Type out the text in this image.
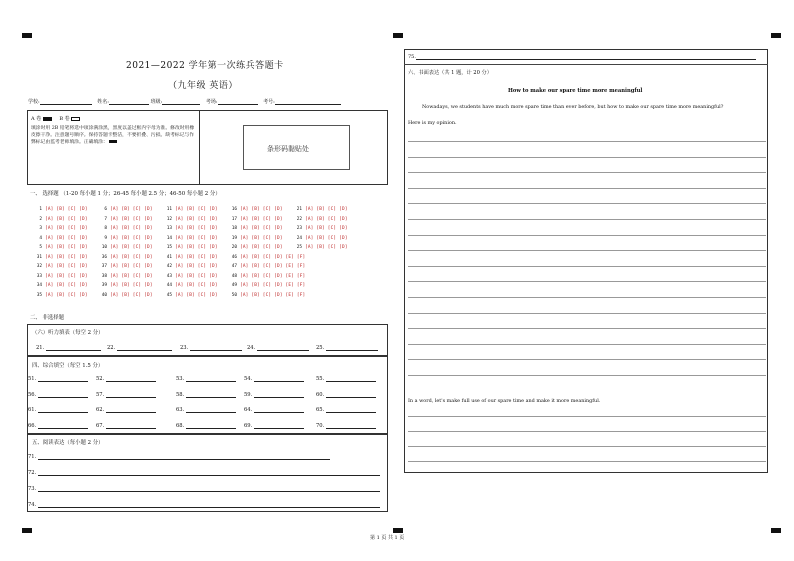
2021—2022 学年第一次练兵答题卡
（九年级 英语）
学校:	姓名:	班级:	考场:	考号:
A 卷	B 卷
填涂时用 2B 铅笔将选中项涂满涂黑，黑度以盖过框内字母为准。修改时用橡皮擦干净。注意题号顺序。保持答题卡整洁，不要折叠、污损。缺考标记与作弊标记由监考老师填涂。正确填涂：
条形码黏贴处
一、 选择题 （1-20 每小题 1 分；26-45 每小题 2.5 分；46-50 每小题 2 分）
1 [A] [B] [C] [D]	6 [A] [B] [C] [D]	11 [A] [B] [C] [D]	16 [A] [B] [C] [D]	21 [A] [B] [C] [D]
2 [A] [B] [C] [D]	7 [A] [B] [C] [D]	12 [A] [B] [C] [D]	17 [A] [B] [C] [D]	22 [A] [B] [C] [D]
3 [A] [B] [C] [D]	8 [A] [B] [C] [D]	13 [A] [B] [C] [D]	18 [A] [B] [C] [D]	23 [A] [B] [C] [D]
4 [A] [B] [C] [D]	9 [A] [B] [C] [D]	14 [A] [B] [C] [D]	19 [A] [B] [C] [D]	24 [A] [B] [C] [D]
5 [A] [B] [C] [D]	10 [A] [B] [C] [D]	15 [A] [B] [C] [D]	20 [A] [B] [C] [D]	25 [A] [B] [C] [D]
31 [A] [B] [C] [D]	36 [A] [B] [C] [D]	41 [A] [B] [C] [D]	46 [A] [B] [C] [D] [E] [F]
32 [A] [B] [C] [D]	37 [A] [B] [C] [D]	42 [A] [B] [C] [D]	47 [A] [B] [C] [D] [E] [F]
33 [A] [B] [C] [D]	38 [A] [B] [C] [D]	43 [A] [B] [C] [D]	48 [A] [B] [C] [D] [E] [F]
34 [A] [B] [C] [D]	39 [A] [B] [C] [D]	44 [A] [B] [C] [D]	49 [A] [B] [C] [D] [E] [F]
35 [A] [B] [C] [D]	40 [A] [B] [C] [D]	45 [A] [B] [C] [D]	50 [A] [B] [C] [D] [E] [F]
二、 非选择题
（六）听力填表（每空 2 分）
21.	22.	23.	24.	25.
四、综合填空（每空 1.5 分）
51.	52.	53.	54.	55.
56.	57.	58.	59.	60.
61.	62.	63.	64.	65.
66.	67.	68.	69.	70.
五、阅读表达（每小题 2 分）
71.
72.
73.
74.
75.
六、书面表达（共 1 题，计 20 分）
How to make our spare time more meaningful
Nowadays, we students have much more spare time than ever before, but how to make our spare time more meaningful?
Here is my opinion.
In a word, let's make full use of our spare time and make it more meaningful.
第 1 页 共 1 页
